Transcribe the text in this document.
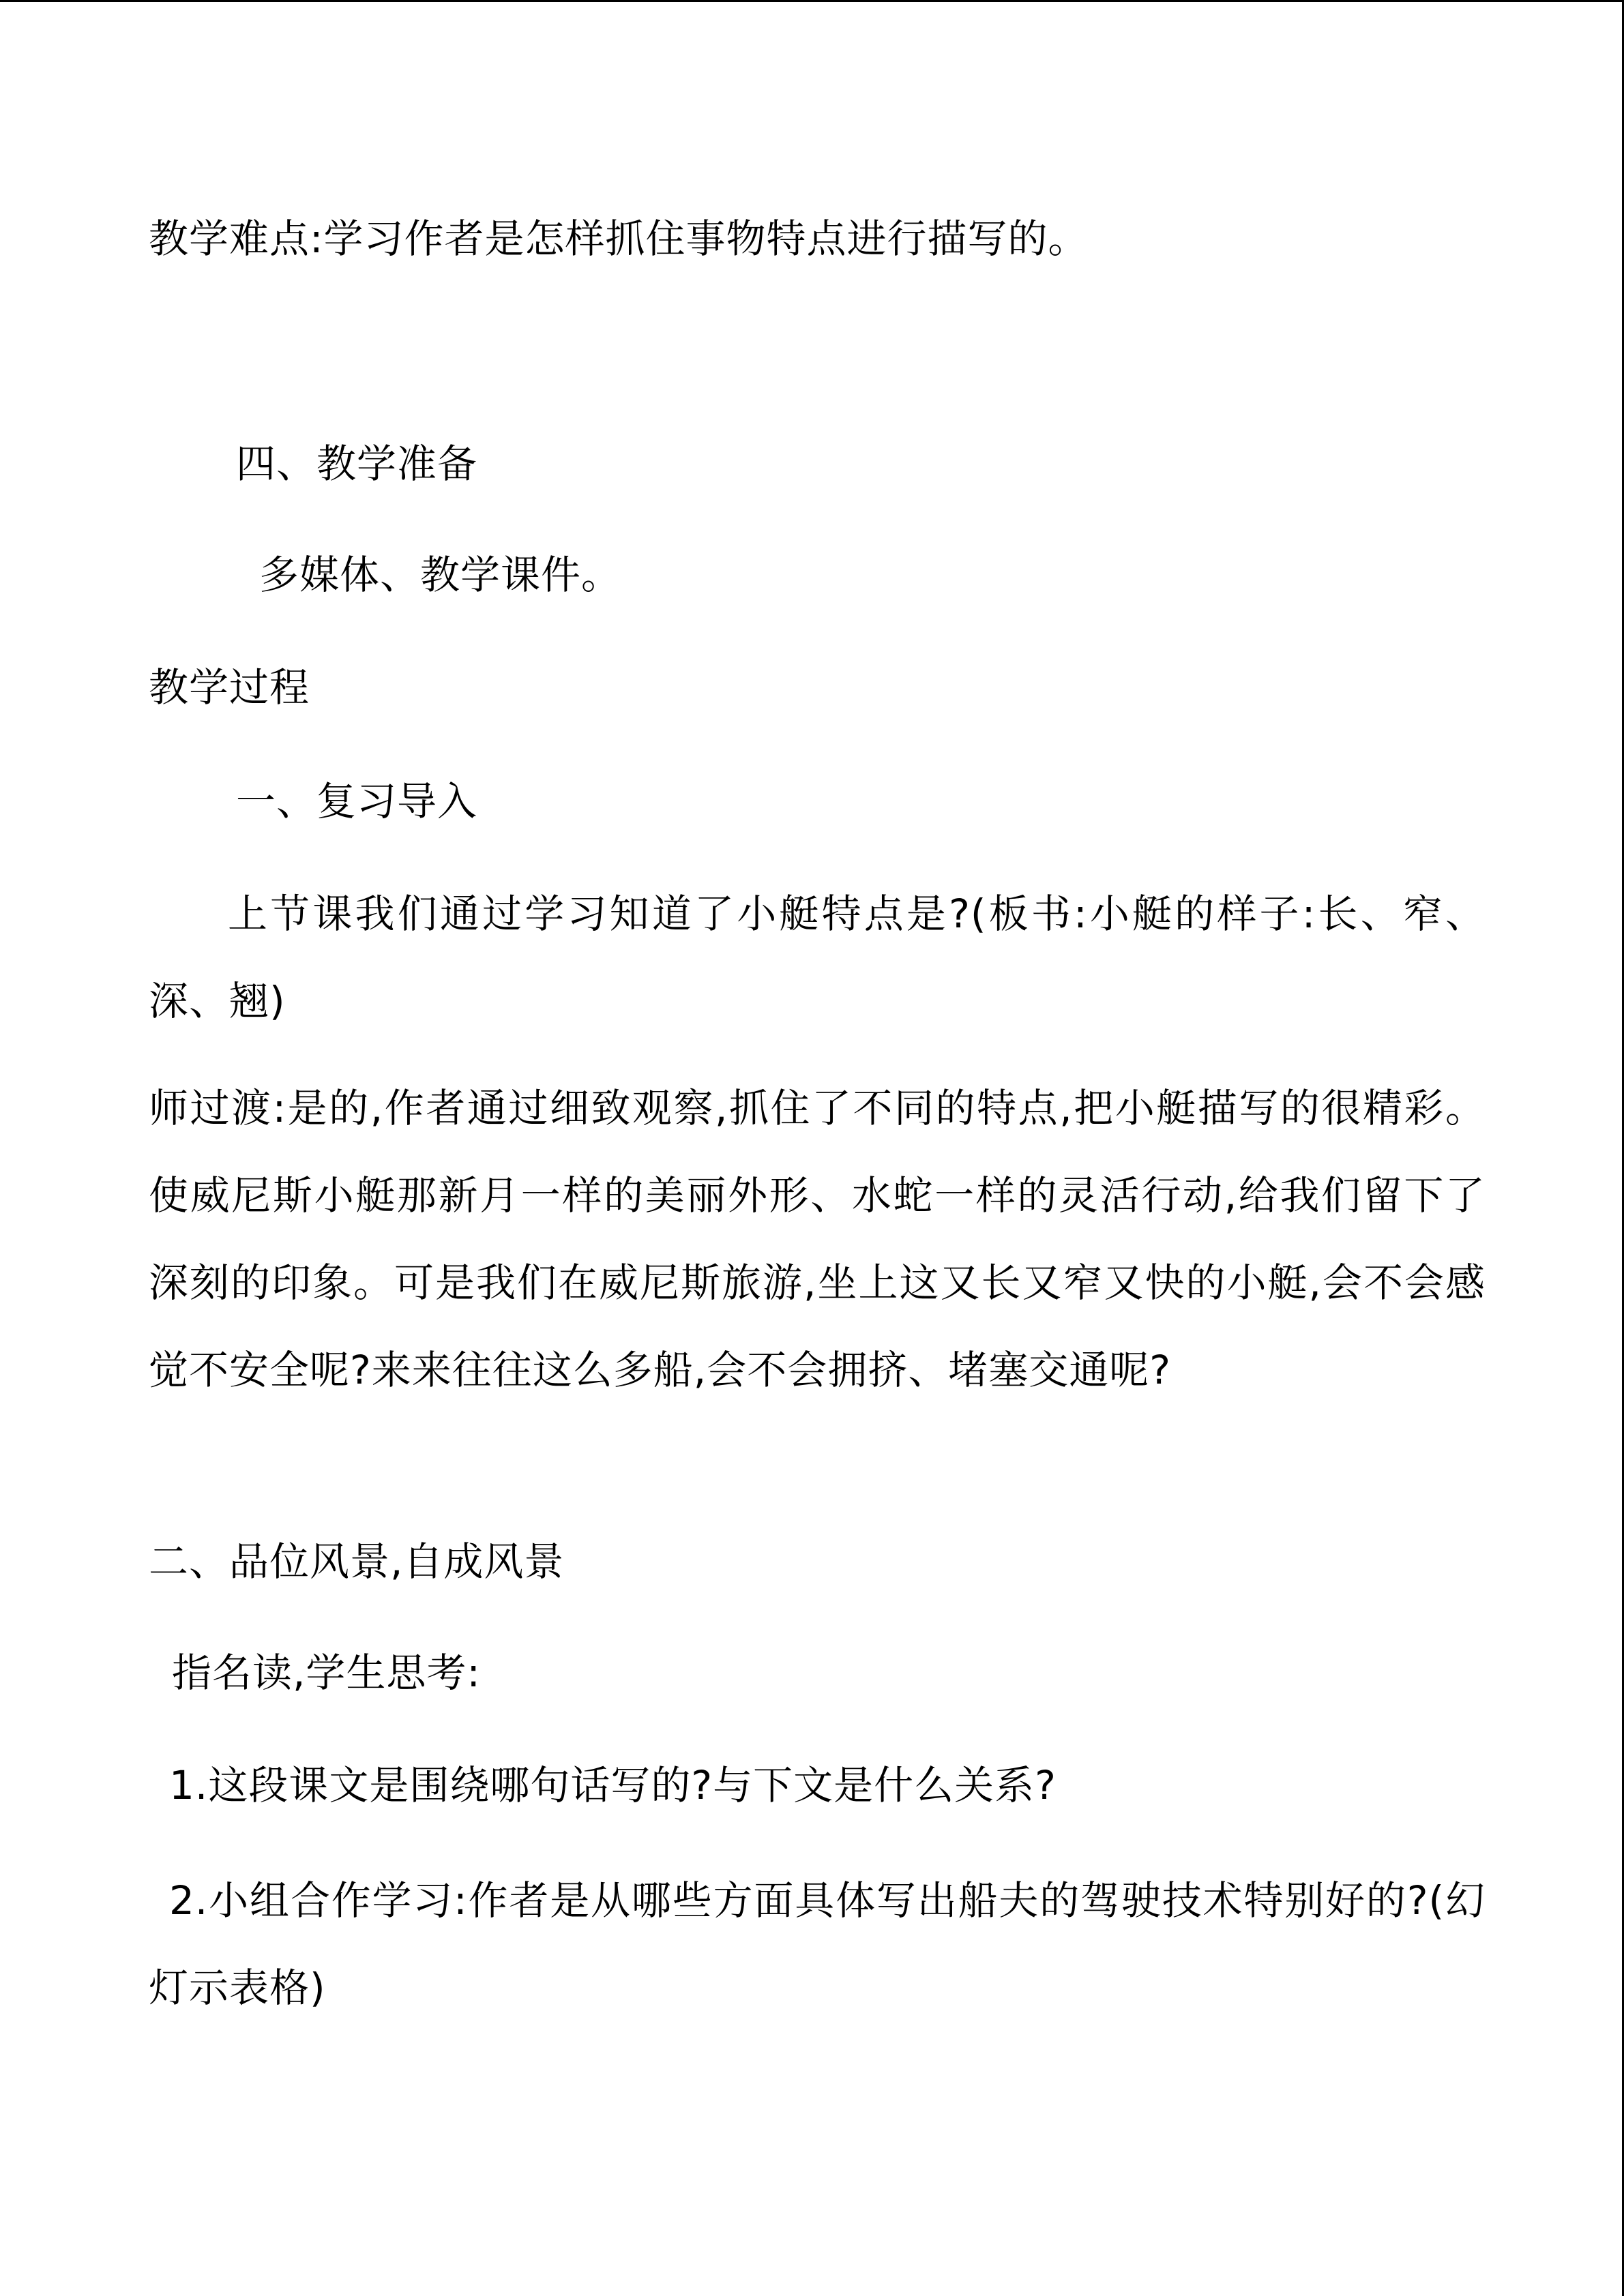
教学难点:学习作者是怎样抓住事物特点进行描写的。
四、教学准备
多媒体、教学课件。
教学过程
一、复习导入
上节课我们通过学习知道了小艇特点是?(板书:小艇的样子:长、窄、深、翘)
师过渡:是的,作者通过细致观察,抓住了不同的特点,把小艇描写的很精彩。使威尼斯小艇那新月一样的美丽外形、水蛇一样的灵活行动,给我们留下了深刻的印象。可是我们在威尼斯旅游,坐上这又长又窄又快的小艇,会不会感觉不安全呢?来来往往这么多船,会不会拥挤、堵塞交通呢?
二、品位风景,自成风景
指名读,学生思考:
1.这段课文是围绕哪句话写的?与下文是什么关系?
2.小组合作学习:作者是从哪些方面具体写出船夫的驾驶技术特别好的?(幻灯示表格)
